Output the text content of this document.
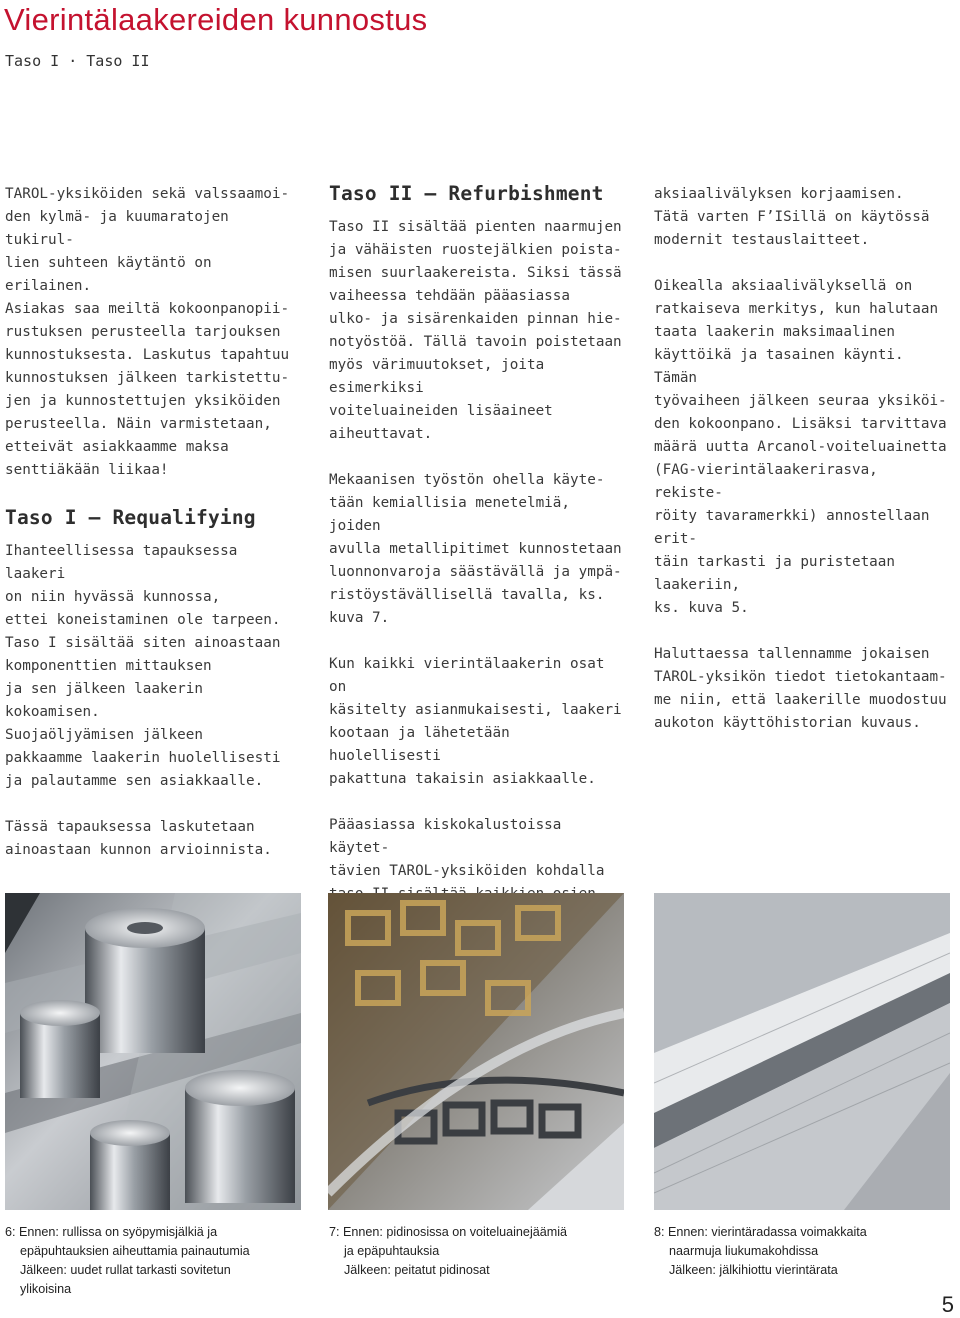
Vierintälaakereiden kunnostus
Taso I · Taso II

TAROL-yksiköiden sekä valssaamoi-
den kylmä- ja kuumaratojen tukirul-
lien suhteen käytäntö on erilainen.
Asiakas saa meiltä kokoonpanopii-
rustuksen perusteella tarjouksen
kunnostuksesta. Laskutus tapahtuu
kunnostuksen jälkeen tarkistettu-
jen ja kunnostettujen yksiköiden
perusteella. Näin varmistetaan,
etteivät asiakkaamme maksa
senttiäkään liikaa!

Taso I — Requalifying

Ihanteellisessa tapauksessa laakeri
on niin hyvässä kunnossa,
ettei koneistaminen ole tarpeen.
Taso I sisältää siten ainoastaan
komponenttien mittauksen
ja sen jälkeen laakerin kokoamisen.
Suojaöljyämisen jälkeen
pakkaamme laakerin huolellisesti
ja palautamme sen asiakkaalle.

Tässä tapauksessa laskutetaan
ainoastaan kunnon arvioinnista.

Taso II — Refurbishment

Taso II sisältää pienten naarmujen
ja vähäisten ruostejälkien poista-
misen suurlaakereista. Siksi tässä
vaiheessa tehdään pääasiassa
ulko- ja sisärenkaiden pinnan hie-
notyöstöä. Tällä tavoin poistetaan
myös värimuutokset, joita esimerkiksi
voiteluaineiden lisäaineet
aiheuttavat.

Mekaanisen työstön ohella käyte-
tään kemiallisia menetelmiä, joiden
avulla metallipitimet kunnostetaan
luonnonvaroja säästävällä ja ympä-
ristöystävällisellä tavalla, ks. kuva 7.

Kun kaikki vierintälaakerin osat on
käsitelty asianmukaisesti, laakeri
kootaan ja lähetetään huolellisesti
pakattuna takaisin asiakkaalle.

Pääasiassa kiskokalustoissa käytet-
tävien TAROL-yksiköiden kohdalla

aksiaalivälyksen korjaamisen.
Tätä varten F’ISillä on käytössä
modernit testauslaitteet.

Oikealla aksiaalivälyksellä on
ratkaiseva merkitys, kun halutaan
taata laakerin maksimaalinen
käyttöikä ja tasainen käynti. Tämän
työvaiheen jälkeen seuraa yksiköi-
den kokoonpano. Lisäksi tarvittava
määrä uutta Arcanol-voiteluainetta
(FAG-vierintälaakerirasva, rekiste-
röity tavaramerkki) annostellaan erit-
täin tarkasti ja puristetaan laakeriin,
ks. kuva 5.

Haluttaessa tallennamme jokaisen
TAROL-yksikön tiedot tietokantaam-
me niin, että laakerille muodostuu
aukoton käyttöhistorian kuvaus.

6: Ennen: rullissa on syöpymisjälkiä ja
epäpuhtauksien aiheuttamia painautumia
Jälkeen: uudet rullat tarkasti sovitetun
ylikoisina
7: Ennen: pidinosissa on voiteluainejäämiä
ja epäpuhtauksia
Jälkeen: peitatut pidinosat
8: Ennen: vierintäradassa voimakkaita
naarmuja liukumakohdissa
Jälkeen: jälkihiottu vierintärata
5
